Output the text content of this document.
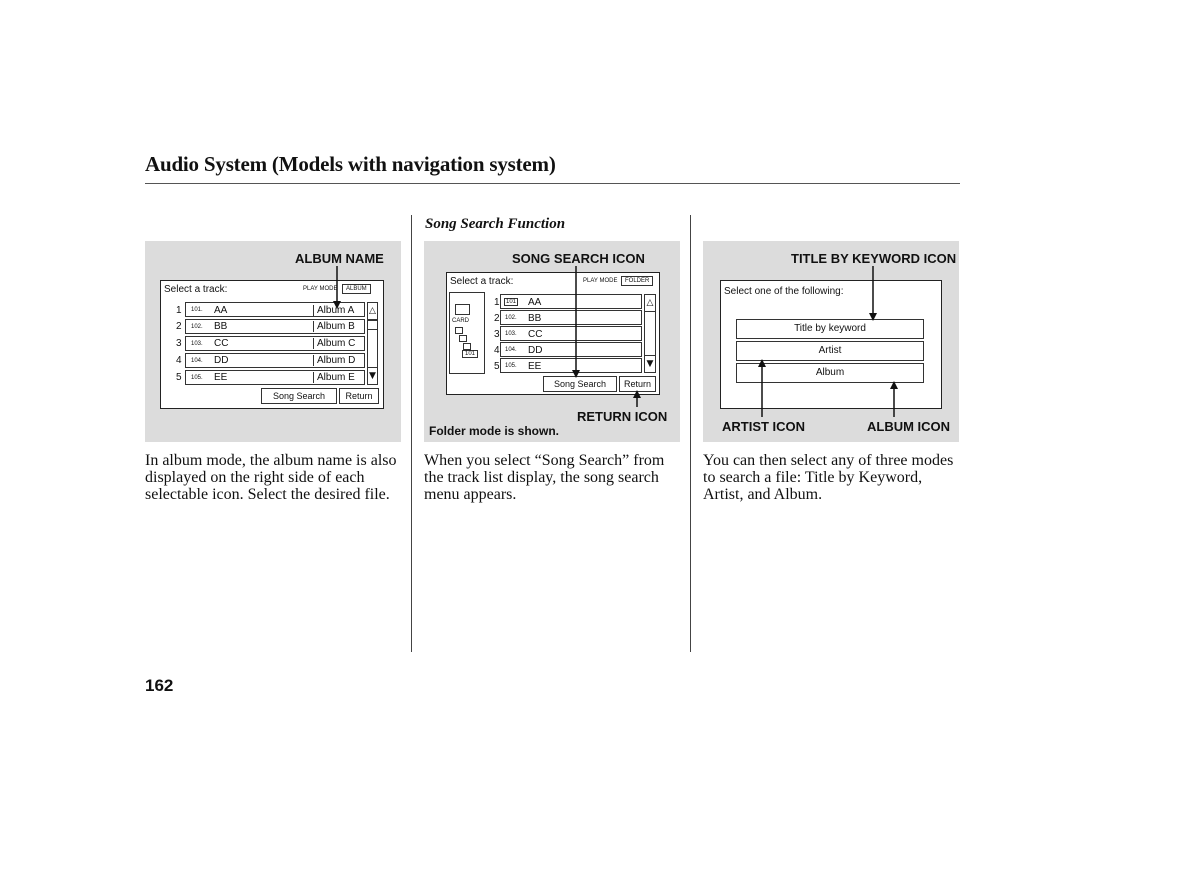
Audio System (Models with navigation system)
Song Search Function
ALBUM NAME
Select a track:	PLAY MODE	ALBUM
1 101. AA	Album A
2 102. BB	Album B
3 103. CC	Album C
4 104. DD	Album D
5 105. EE	Album E
△
▼
Song Search	Return
In album mode, the album name is also displayed on the right side of each selectable icon. Select the desired file.
SONG SEARCH ICON
Select a track:	PLAY MODE	FOLDER
CARD
101
1	101 AA
2 102. BB
3 103. CC
4 104. DD
5 105. EE
△
▼
Song Search	Return
RETURN ICON
Folder mode is shown.
When you select “Song Search” from the track list display, the song search menu appears.
TITLE BY KEYWORD ICON
Select one of the following:
Title by keyword
Artist
Album
ARTIST ICON	ALBUM ICON
You can then select any of three modes to search a file: Title by Keyword, Artist, and Album.
162
